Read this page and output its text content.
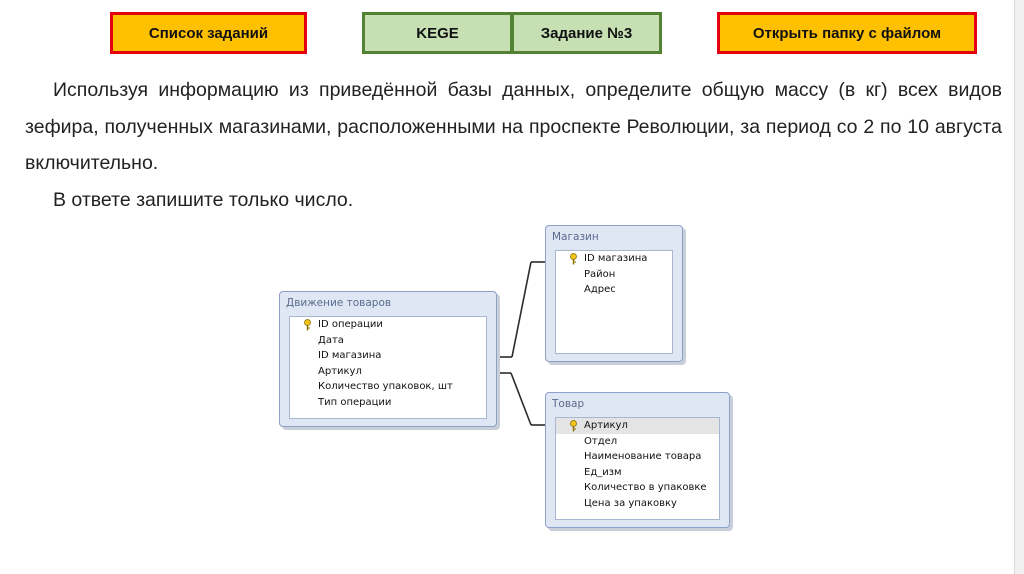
Список заданий	KEGE	Задание №3	Открыть папку с файлом

Используя информацию из приведённой базы данных, определите общую массу (в кг) всех видов зефира, полученных магазинами, расположенными на проспекте Революции, за период со 2 по 10 августа включительно.

В ответе запишите только число.

Движение товаров
ID операции
Дата
ID магазина
Артикул
Количество упаковок, шт
Тип операции
Магазин
ID магазина
Район
Адрес
Товар
Артикул
Отдел
Наименование товара
Ед_изм
Количество в упаковке
Цена за упаковку
